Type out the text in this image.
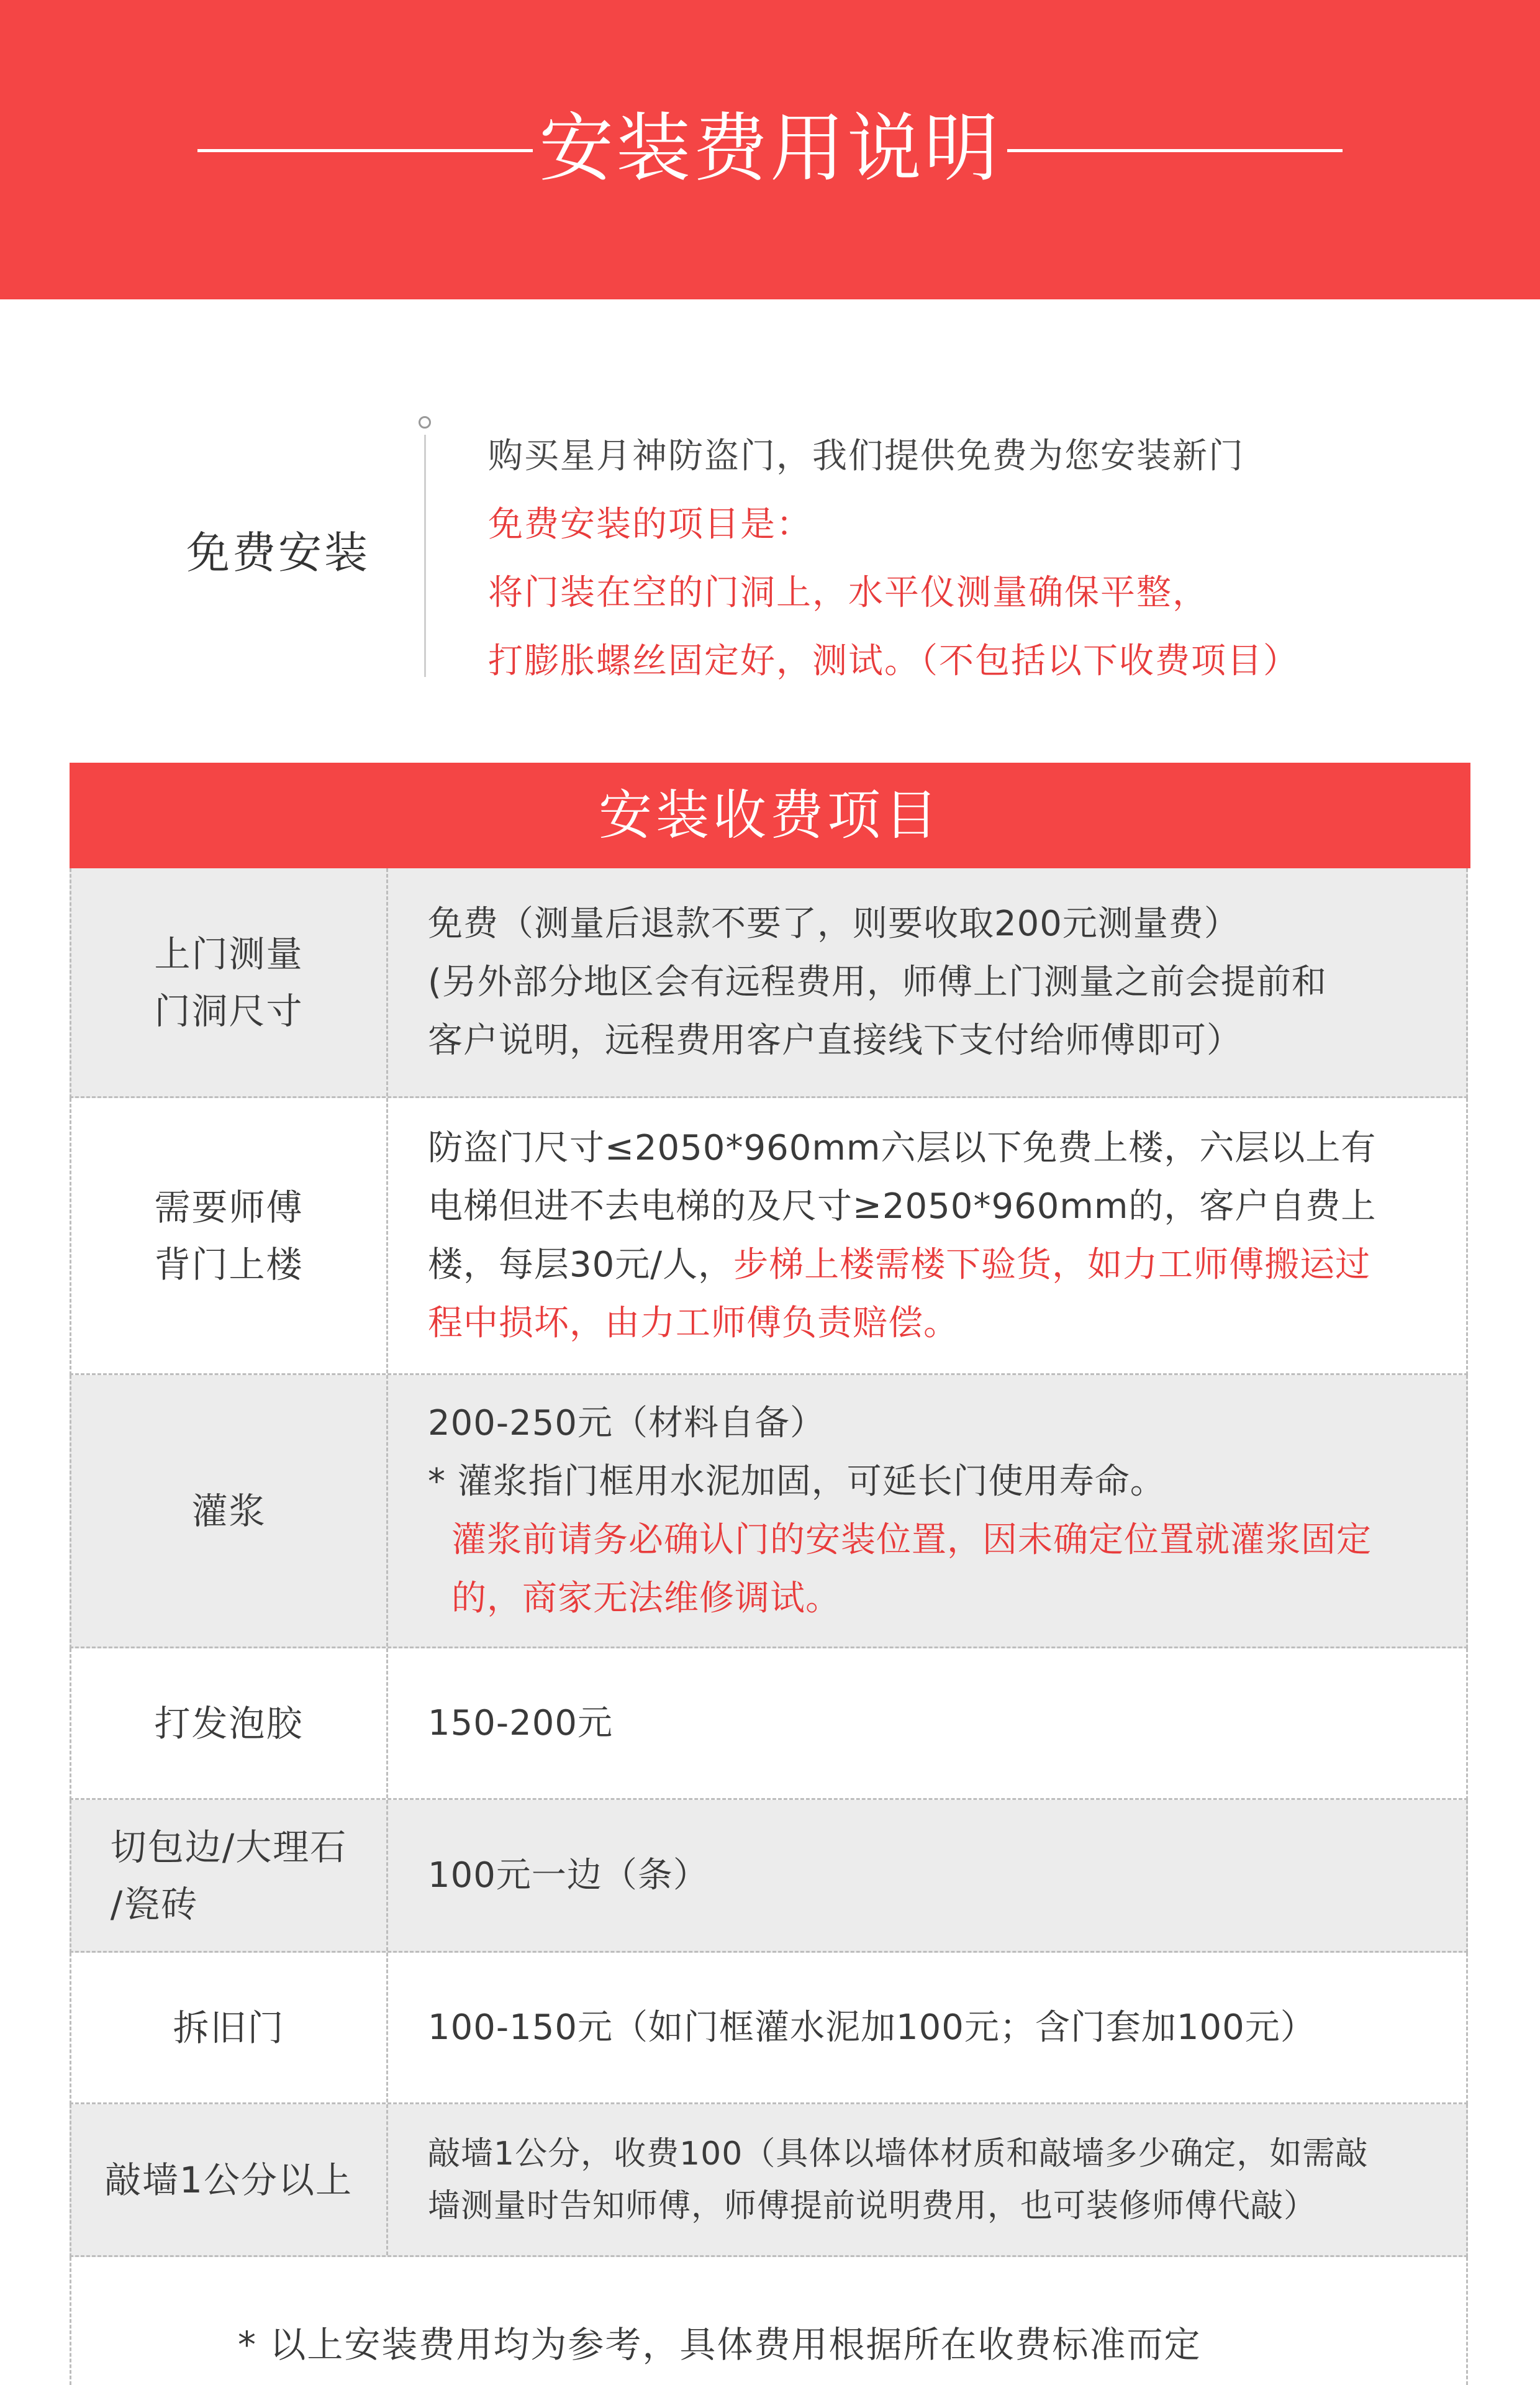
安装费用说明
免费安装
购买星月神防盗门，我们提供免费为您安装新门
免费安装的项目是：
将门装在空的门洞上，水平仪测量确保平整，
打膨胀螺丝固定好，测试。（不包括以下收费项目）
安装收费项目
上门测量
门洞尺寸
免费（测量后退款不要了，则要收取200元测量费）
(另外部分地区会有远程费用，师傅上门测量之前会提前和
客户说明，远程费用客户直接线下支付给师傅即可）
需要师傅
背门上楼
防盗门尺寸≤2050*960mm六层以下免费上楼，六层以上有
电梯但进不去电梯的及尺寸≥2050*960mm的，客户自费上
楼，每层30元/人，步梯上楼需楼下验货，如力工师傅搬运过
程中损坏，由力工师傅负责赔偿。
灌浆
200-250元（材料自备）
* 灌浆指门框用水泥加固，可延长门使用寿命。
灌浆前请务必确认门的安装位置，因未确定位置就灌浆固定
的，商家无法维修调试。
打发泡胶	150-200元
切包边/大理石
/瓷砖
100元一边（条）
拆旧门	100-150元（如门框灌水泥加100元；含门套加100元）
敲墙1公分以上
敲墙1公分，收费100（具体以墙体材质和敲墙多少确定，如需敲
墙测量时告知师傅，师傅提前说明费用，也可装修师傅代敲）
* 以上安装费用均为参考，具体费用根据所在收费标准而定
